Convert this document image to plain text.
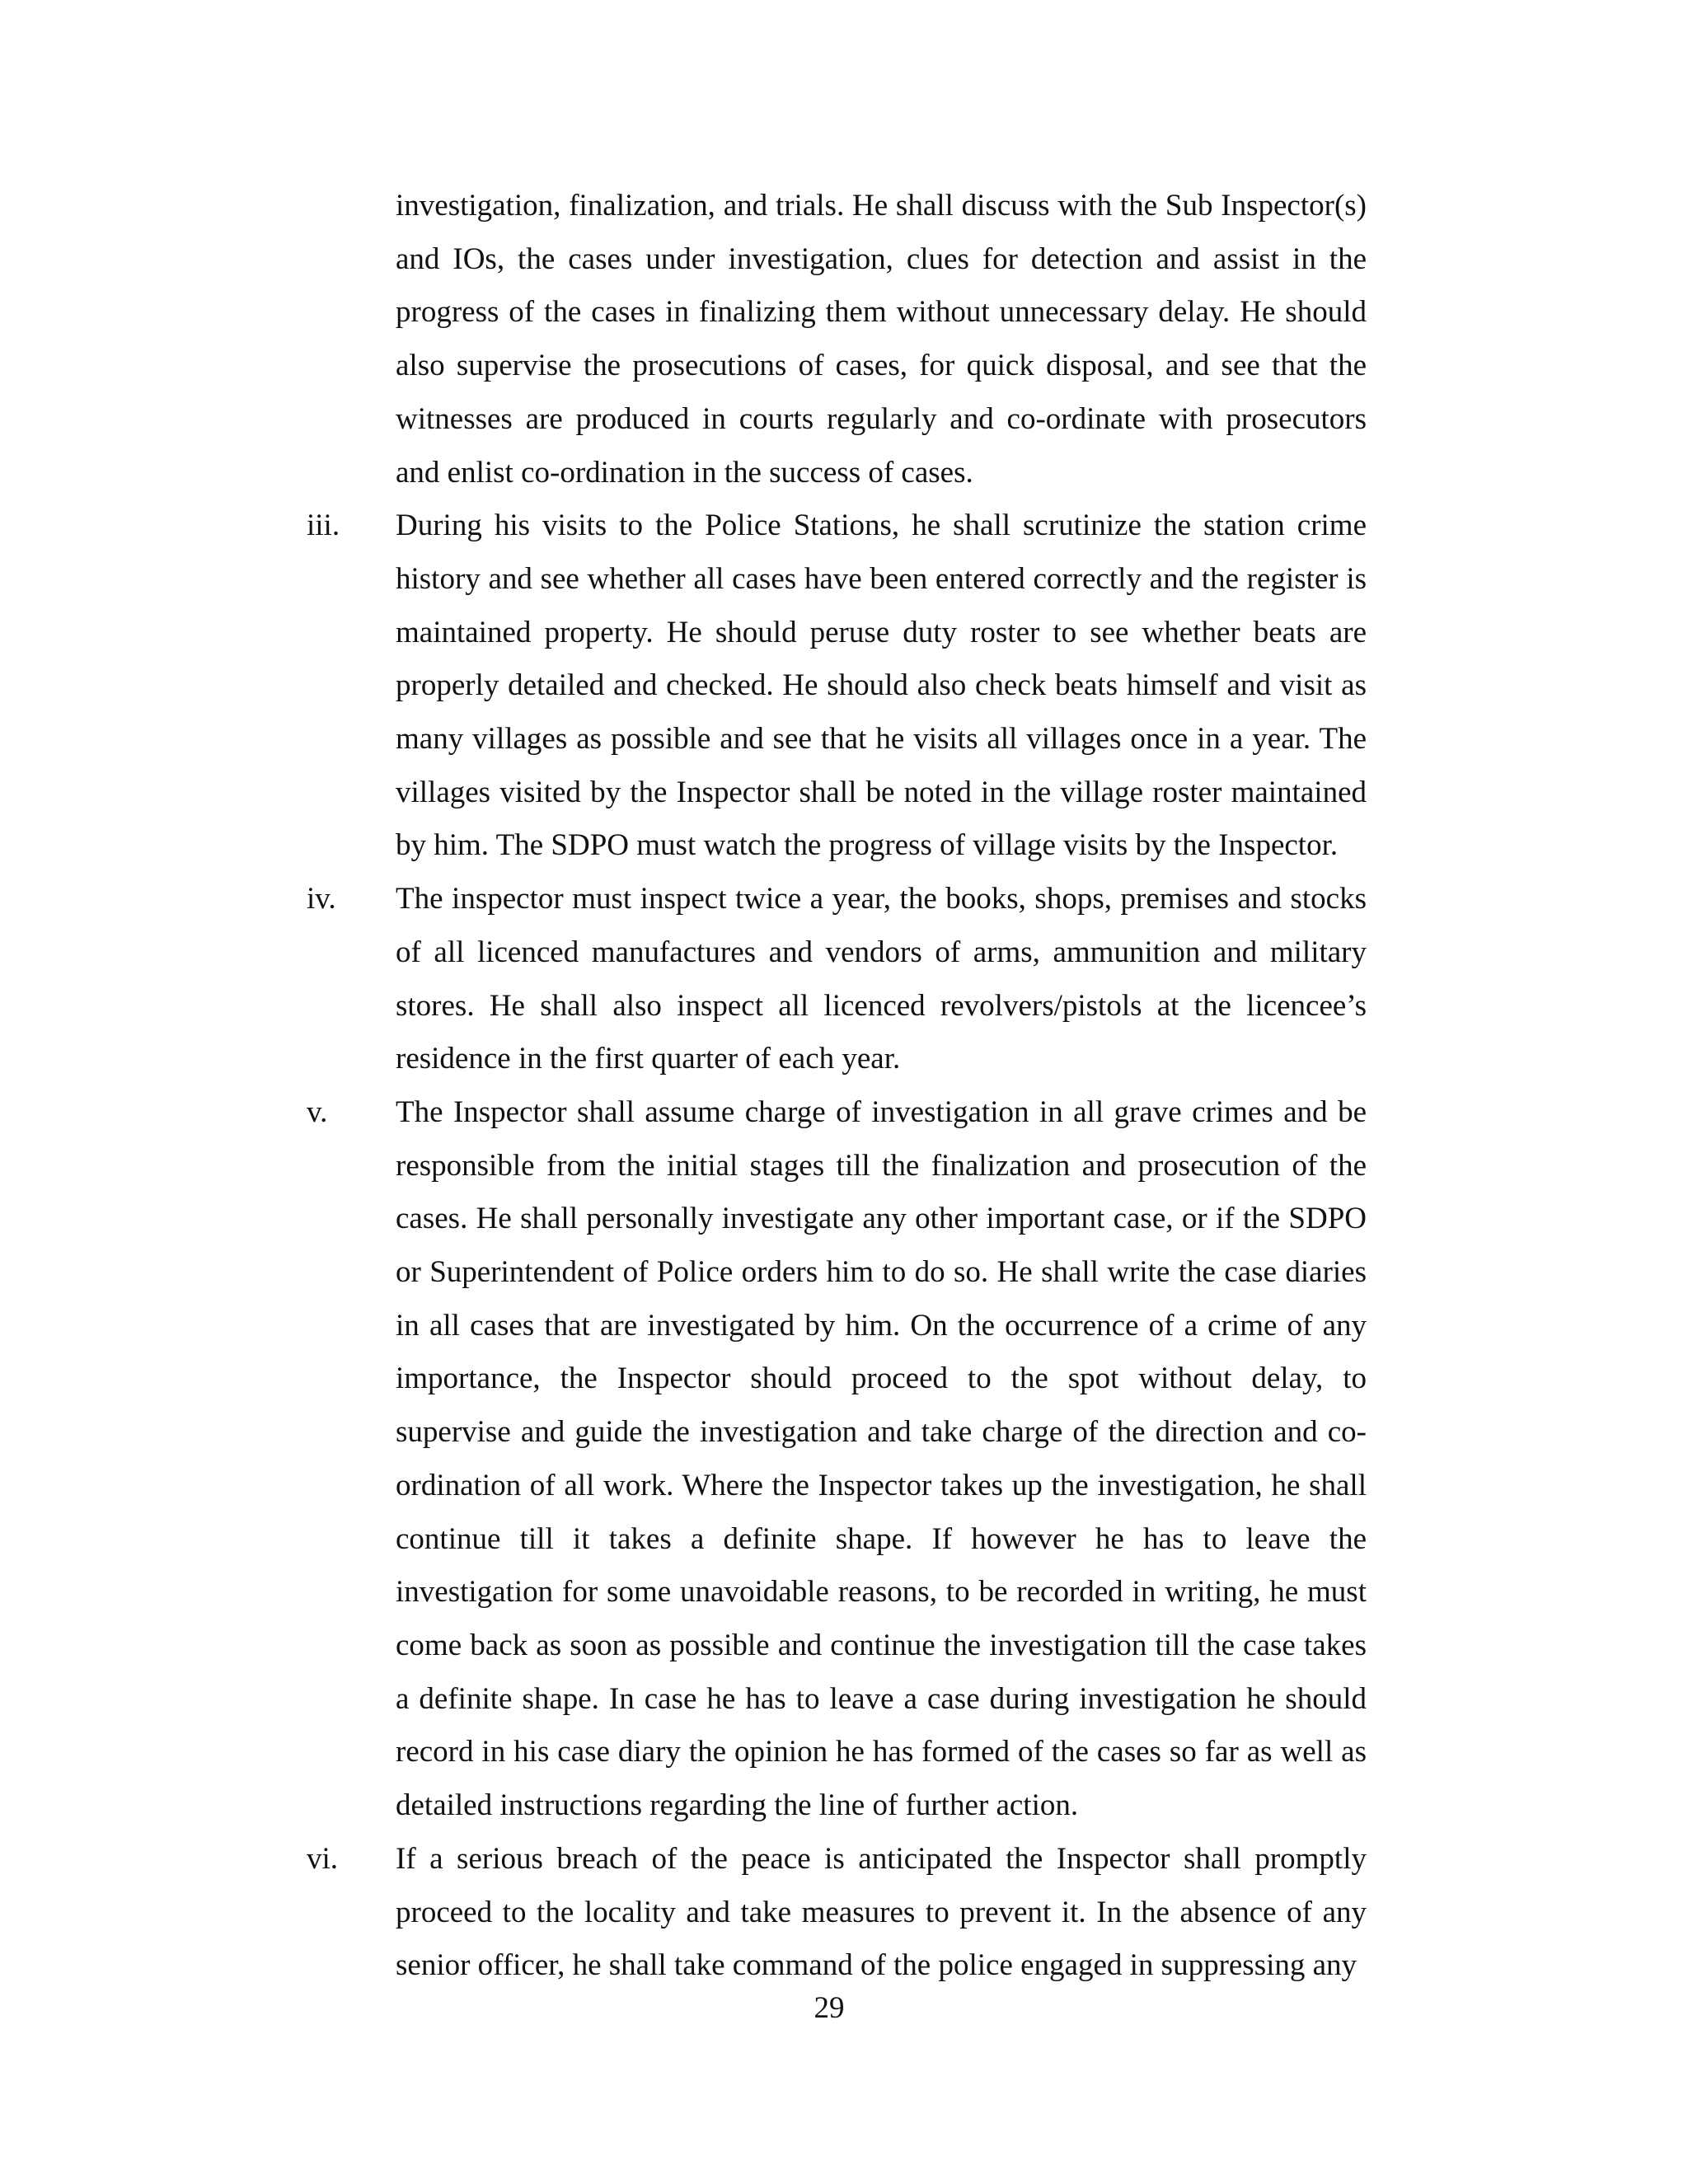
investigation, finalization, and trials. He shall discuss with the Sub Inspector(s) and IOs, the cases under investigation, clues for detection and assist in the progress of the cases in finalizing them without unnecessary delay. He should also supervise the prosecutions of cases, for quick disposal, and see that the witnesses are produced in courts regularly and co-ordinate with prosecutors and enlist co-ordination in the success of cases.

iii. During his visits to the Police Stations, he shall scrutinize the station crime history and see whether all cases have been entered correctly and the register is maintained property. He should peruse duty roster to see whether beats are properly detailed and checked. He should also check beats himself and visit as many villages as possible and see that he visits all villages once in a year. The villages visited by the Inspector shall be noted in the village roster maintained by him. The SDPO must watch the progress of village visits by the Inspector.

iv.	The inspector must inspect twice a year, the books, shops, premises and stocks of all licenced manufactures and vendors of arms, ammunition and military stores. He shall also inspect all licenced revolvers/pistols at the licencee’s residence in the first quarter of each year.

v.	The Inspector shall assume charge of investigation in all grave crimes and be responsible from the initial stages till the finalization and prosecution of the cases. He shall personally investigate any other important case, or if the SDPO or Superintendent of Police orders him to do so. He shall write the case diaries in all cases that are investigated by him. On the occurrence of a crime of any importance, the Inspector should proceed to the spot without delay, to supervise and guide the investigation and take charge of the direction and co-ordination of all work. Where the Inspector takes up the investigation, he shall continue till it takes a definite shape. If however he has to leave the investigation for some unavoidable reasons, to be recorded in writing, he must come back as soon as possible and continue the investigation till the case takes a definite shape. In case he has to leave a case during investigation he should record in his case diary the opinion he has formed of the cases so far as well as detailed instructions regarding the line of further action.

vi.	If a serious breach of the peace is anticipated the Inspector shall promptly proceed to the locality and take measures to prevent it. In the absence of any senior officer, he shall take command of the police engaged in suppressing any

29
